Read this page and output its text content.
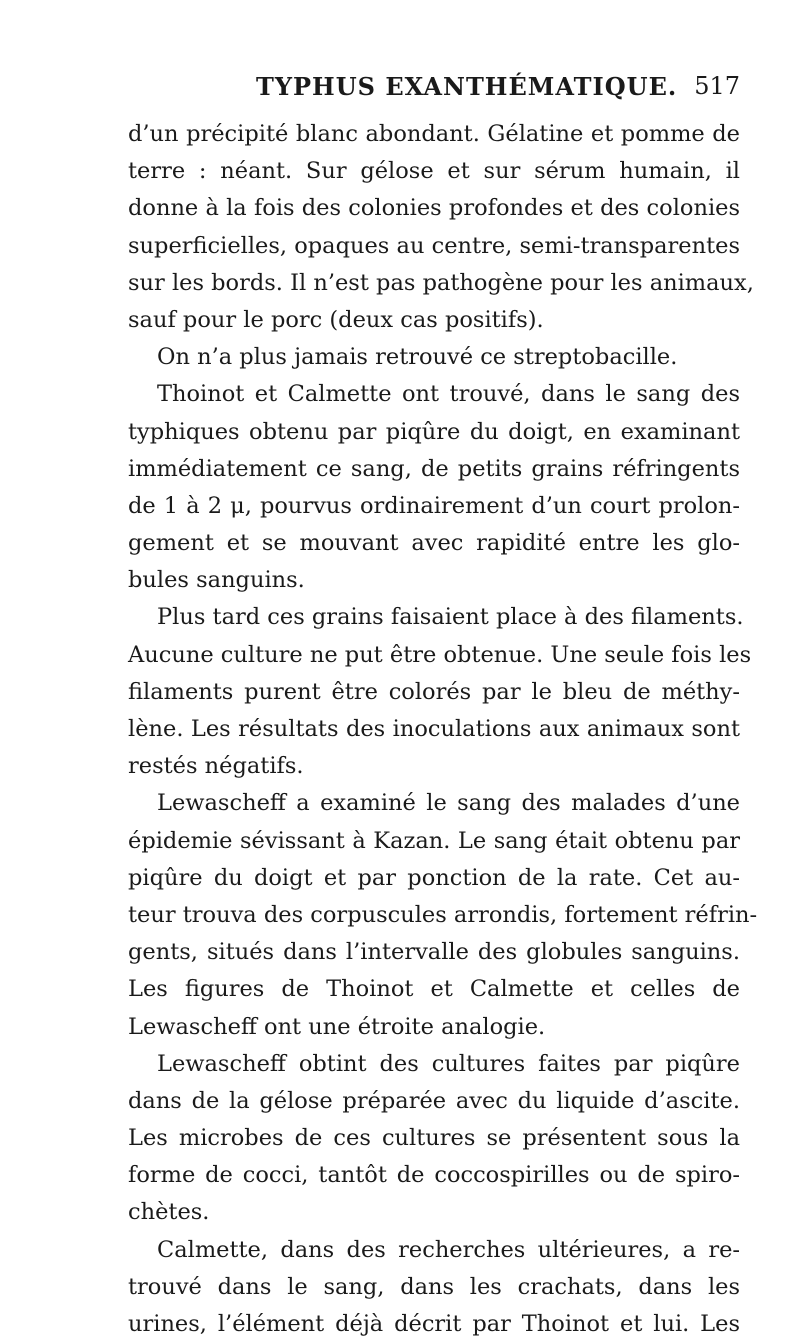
TYPHUS EXANTHÉMATIQUE. 517
d’un précipité blanc abondant. Gélatine et pomme de
terre : néant. Sur gélose et sur sérum humain, il
donne à la fois des colonies profondes et des colonies
superficielles, opaques au centre, semi-transparentes
sur les bords. Il n’est pas pathogène pour les animaux,
sauf pour le porc (deux cas positifs).
On n’a plus jamais retrouvé ce streptobacille.
Thoinot et Calmette ont trouvé, dans le sang des
typhiques obtenu par piqûre du doigt, en examinant
immédiatement ce sang, de petits grains réfringents
de 1 à 2 μ, pourvus ordinairement d’un court prolon-
gement et se mouvant avec rapidité entre les glo-
bules sanguins.
Plus tard ces grains faisaient place à des filaments.
Aucune culture ne put être obtenue. Une seule fois les
filaments purent être colorés par le bleu de méthy-
lène. Les résultats des inoculations aux animaux sont
restés négatifs.
Lewascheff a examiné le sang des malades d’une
épidemie sévissant à Kazan. Le sang était obtenu par
piqûre du doigt et par ponction de la rate. Cet au-
teur trouva des corpuscules arrondis, fortement réfrin-
gents, situés dans l’intervalle des globules sanguins.
Les figures de Thoinot et Calmette et celles de
Lewascheff ont une étroite analogie.
Lewascheff obtint des cultures faites par piqûre
dans de la gélose préparée avec du liquide d’ascite.
Les microbes de ces cultures se présentent sous la
forme de cocci, tantôt de coccospirilles ou de spiro-
chètes.
Calmette, dans des recherches ultérieures, a re-
trouvé dans le sang, dans les crachats, dans les
urines, l’élément déjà décrit par Thoinot et lui. Les
